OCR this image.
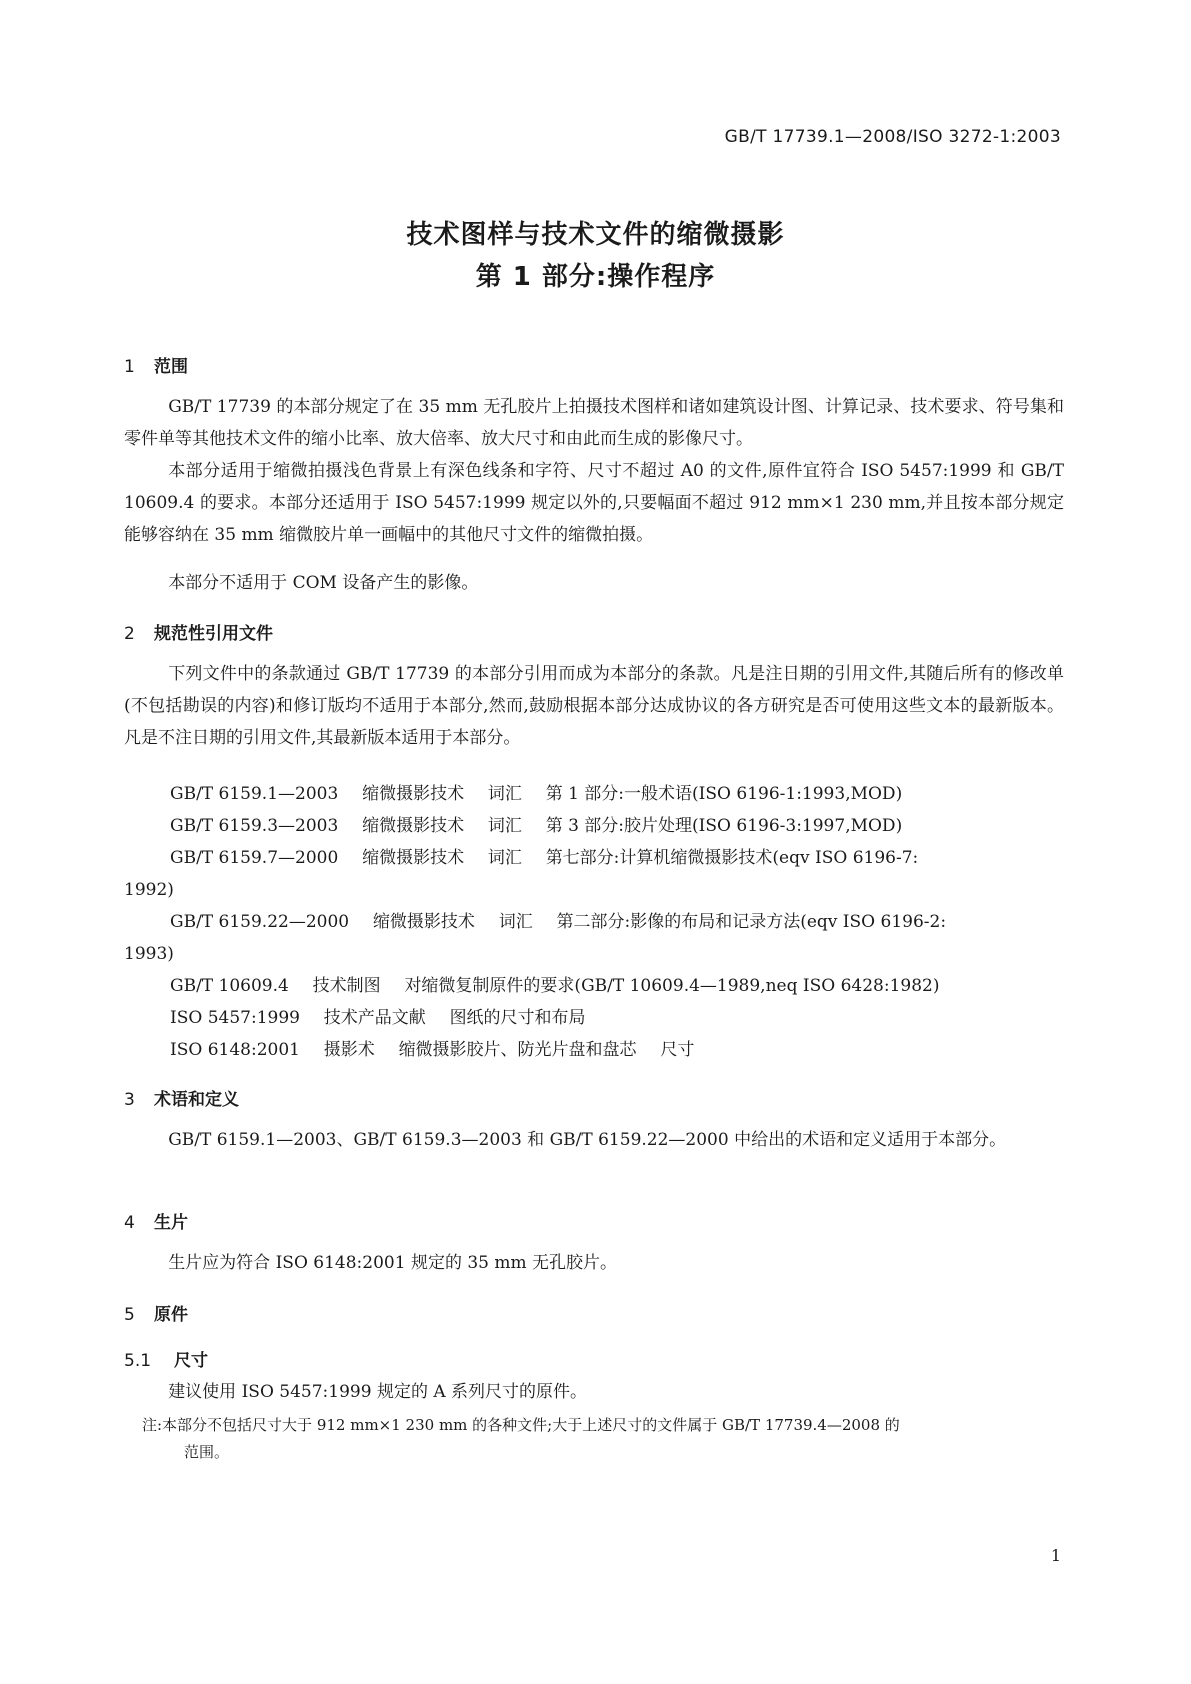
GB/T 17739.1—2008/ISO 3272-1:2003
技术图样与技术文件的缩微摄影
第 1 部分:操作程序
1 范围
GB/T 17739 的本部分规定了在 35 mm 无孔胶片上拍摄技术图样和诸如建筑设计图、计算记录、技术要求、符号集和零件单等其他技术文件的缩小比率、放大倍率、放大尺寸和由此而生成的影像尺寸。
本部分适用于缩微拍摄浅色背景上有深色线条和字符、尺寸不超过 A0 的文件,原件宜符合 ISO 5457:1999 和 GB/T 10609.4 的要求。本部分还适用于 ISO 5457:1999 规定以外的,只要幅面不超过 912 mm×1 230 mm,并且按本部分规定能够容纳在 35 mm 缩微胶片单一画幅中的其他尺寸文件的缩微拍摄。
本部分不适用于 COM 设备产生的影像。
2 规范性引用文件
下列文件中的条款通过 GB/T 17739 的本部分引用而成为本部分的条款。凡是注日期的引用文件,其随后所有的修改单(不包括勘误的内容)和修订版均不适用于本部分,然而,鼓励根据本部分达成协议的各方研究是否可使用这些文本的最新版本。凡是不注日期的引用文件,其最新版本适用于本部分。
GB/T 6159.1—2003 缩微摄影技术 词汇 第 1 部分:一般术语(ISO 6196-1:1993,MOD)
GB/T 6159.3—2003 缩微摄影技术 词汇 第 3 部分:胶片处理(ISO 6196-3:1997,MOD)
GB/T 6159.7—2000 缩微摄影技术 词汇 第七部分:计算机缩微摄影技术(eqv ISO 6196-7:
1992)
GB/T 6159.22—2000 缩微摄影技术 词汇 第二部分:影像的布局和记录方法(eqv ISO 6196-2:
1993)
GB/T 10609.4 技术制图 对缩微复制原件的要求(GB/T 10609.4—1989,neq ISO 6428:1982)
ISO 5457:1999 技术产品文献 图纸的尺寸和布局
ISO 6148:2001 摄影术 缩微摄影胶片、防光片盘和盘芯 尺寸
3 术语和定义
GB/T 6159.1—2003、GB/T 6159.3—2003 和 GB/T 6159.22—2000 中给出的术语和定义适用于本部分。
4 生片
生片应为符合 ISO 6148:2001 规定的 35 mm 无孔胶片。
5 原件
5.1 尺寸
建议使用 ISO 5457:1999 规定的 A 系列尺寸的原件。
注:本部分不包括尺寸大于 912 mm×1 230 mm 的各种文件;大于上述尺寸的文件属于 GB/T 17739.4—2008 的
范围。
1
